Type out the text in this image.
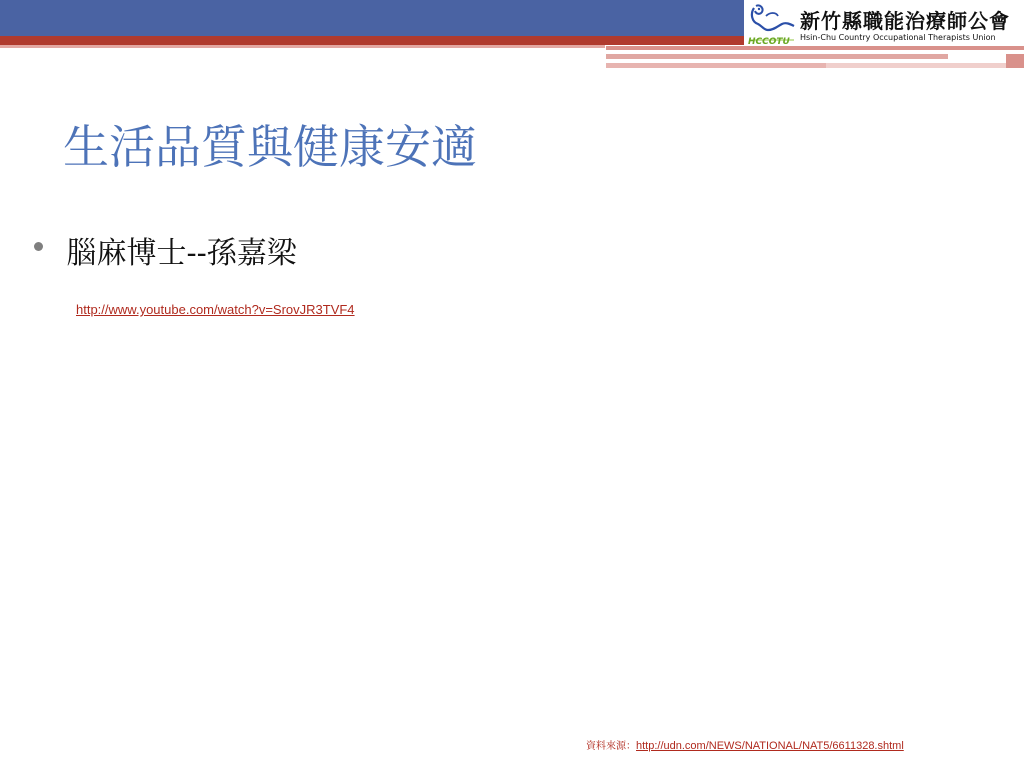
HCCOTU
新竹縣職能治療師公會
Hsin-Chu Country Occupational Therapists Union
生活品質與健康安適
腦麻博士--孫嘉梁
http://www.youtube.com/watch?v=SrovJR3TVF4
資料來源：http://udn.com/NEWS/NATIONAL/NAT5/6611328.shtml
